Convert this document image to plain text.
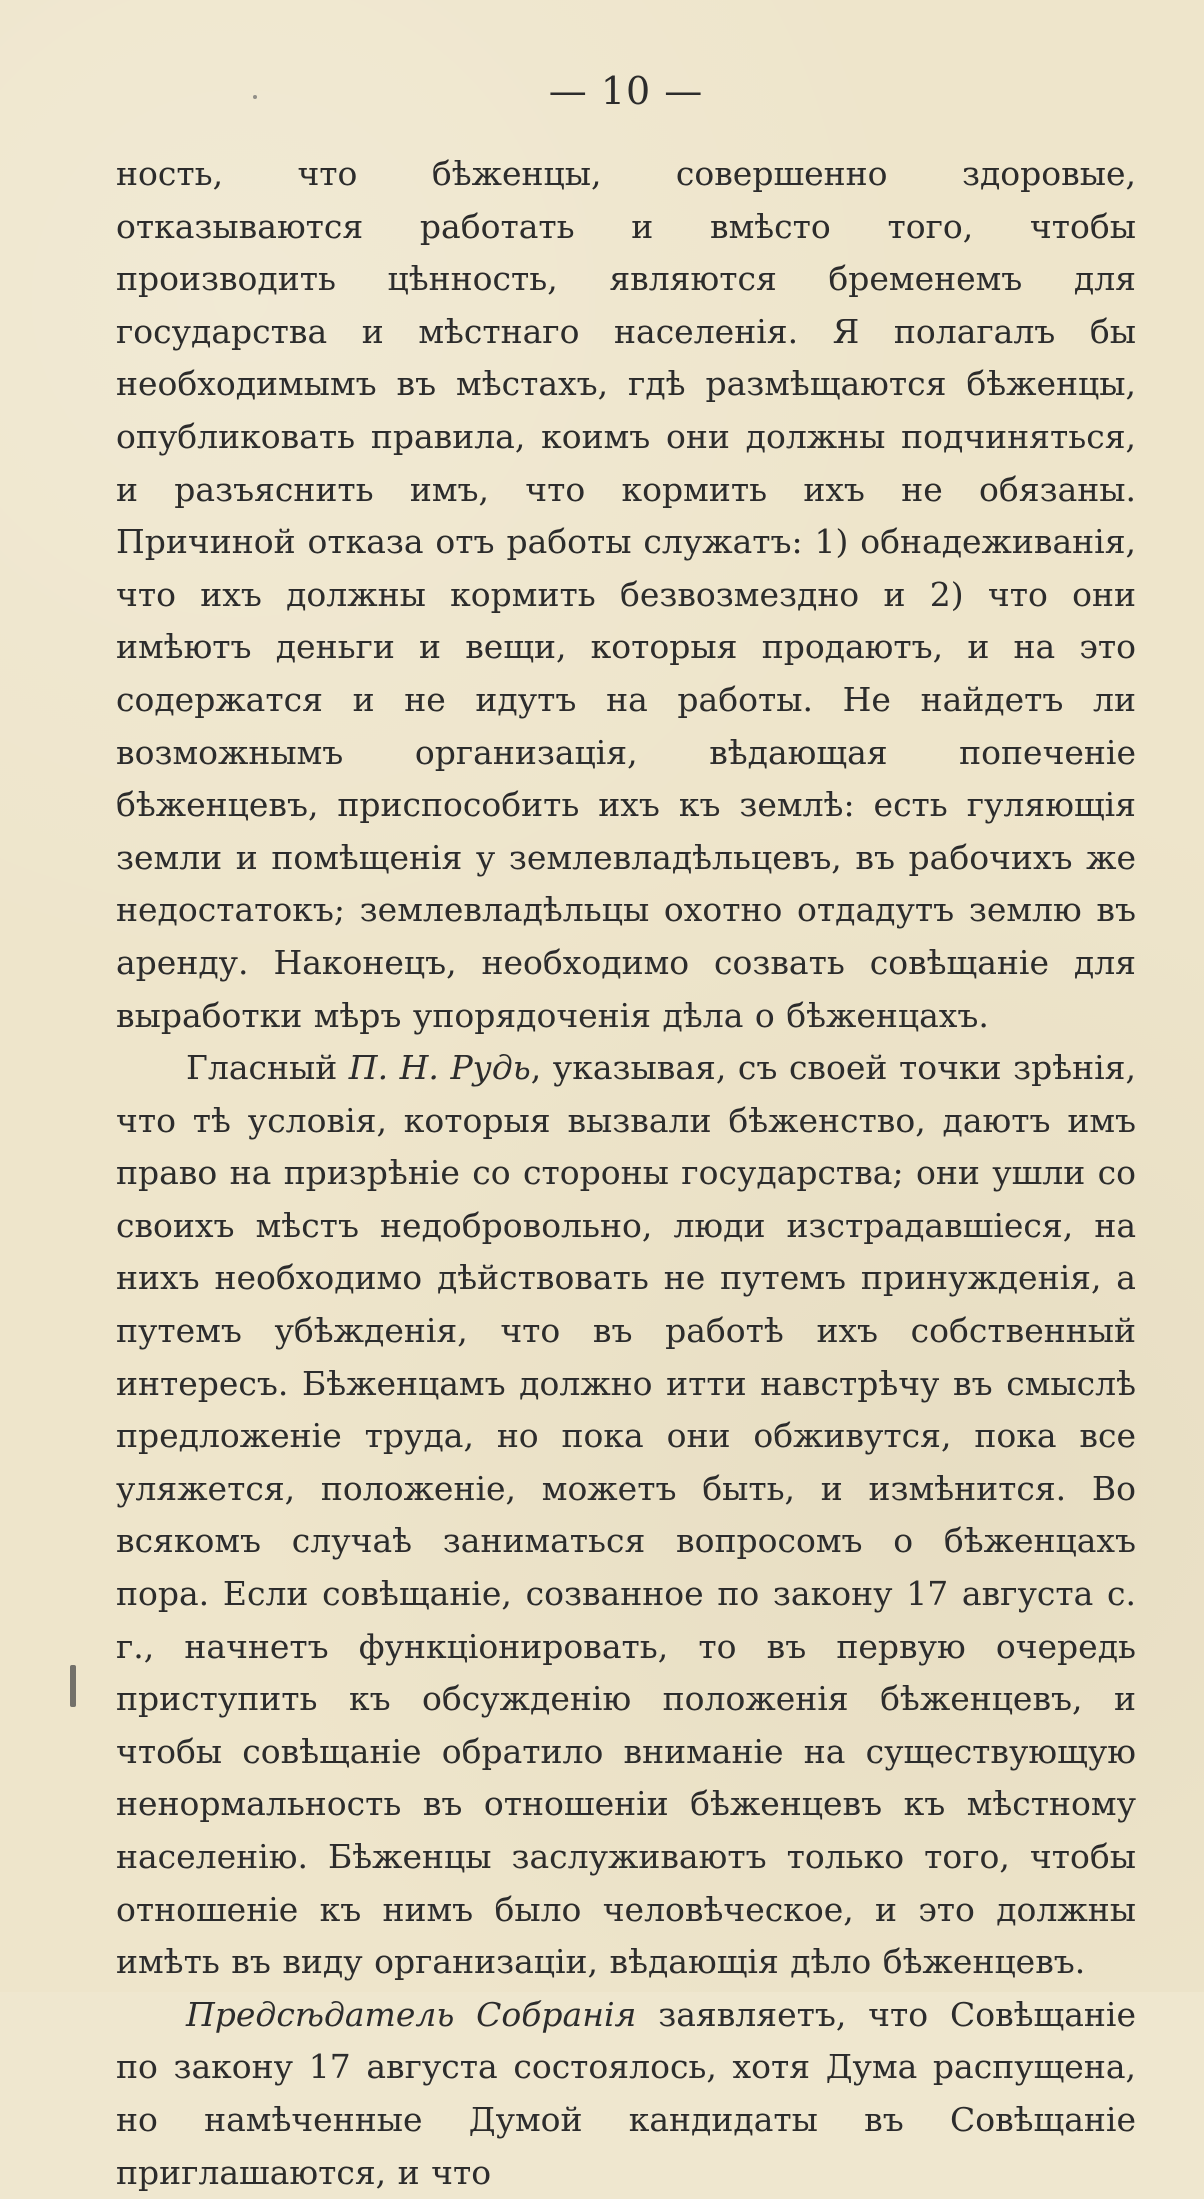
— 10 —

ность, что бѣженцы, совершенно здоровые, отказываются работать и вмѣсто того, чтобы производить цѣнность, являются бременемъ для государства и мѣстнаго населенія. Я полагалъ бы необходимымъ въ мѣстахъ, гдѣ размѣщаются бѣженцы, опубликовать правила, коимъ они должны подчиняться, и разъяснить имъ, что кормить ихъ не обязаны. Причиной отказа отъ работы служатъ: 1) обнадеживанія, что ихъ должны кормить безвозмездно и 2) что они имѣютъ деньги и вещи, которыя продаютъ, и на это содержатся и не идутъ на работы. Не найдетъ ли возможнымъ организація, вѣдающая попеченіе бѣженцевъ, приспособить ихъ къ землѣ: есть гуляющія земли и помѣщенія у землевладѣльцевъ, въ рабочихъ же недостатокъ; землевладѣльцы охотно отдадутъ землю въ аренду. Наконецъ, необходимо созвать совѣщаніе для выработки мѣръ упорядоченія дѣла о бѣженцахъ.

Гласный П. Н. Рудь, указывая, съ своей точки зрѣнія, что тѣ условія, которыя вызвали бѣженство, даютъ имъ право на призрѣніе со стороны государства; они ушли со своихъ мѣстъ недобровольно, люди изстрадавшіеся, на нихъ необходимо дѣйствовать не путемъ принужденія, а путемъ убѣжденія, что въ работѣ ихъ собственный интересъ. Бѣженцамъ должно итти навстрѣчу въ смыслѣ предложеніе труда, но пока они обживутся, пока все уляжется, положеніе, можетъ быть, и измѣнится. Во всякомъ случаѣ заниматься вопросомъ о бѣженцахъ пора. Если совѣщаніе, созванное по закону 17 августа с. г., начнетъ функціонировать, то въ первую очередь приступить къ обсужденію положенія бѣженцевъ, и чтобы совѣщаніе обратило вниманіе на существующую ненормальность въ отношеніи бѣженцевъ къ мѣстному населенію. Бѣженцы заслуживаютъ только того, чтобы отношеніе къ нимъ было человѣческое, и это должны имѣть въ виду организаціи, вѣдающія дѣло бѣженцевъ.

Предсѣдатель Собранія заявляетъ, что Совѣщаніе по закону 17 августа состоялось, хотя Дума распущена, но намѣченные Думой кандидаты въ Совѣщаніе приглашаются, и что
